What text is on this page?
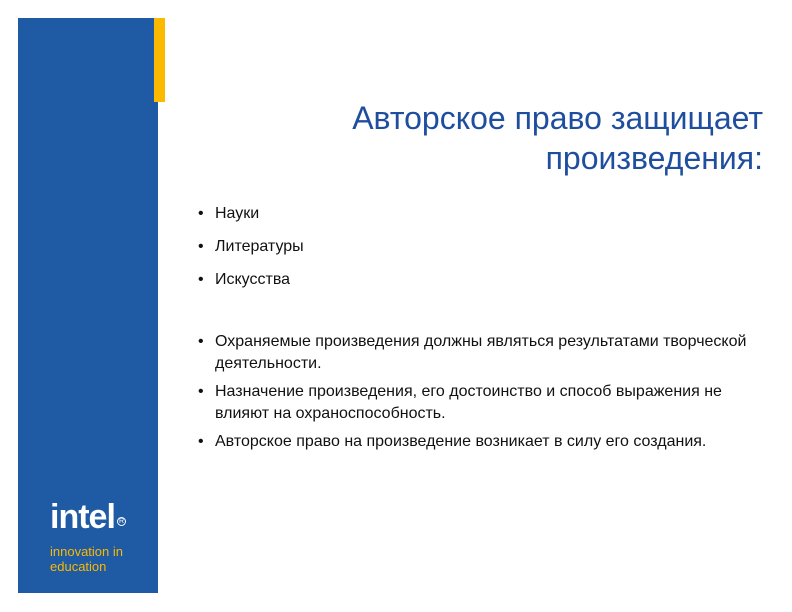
intel R
innovation in
education
Авторское право защищает
произведения:
• Науки
• Литературы
• Искусства
• Охраняемые произведения должны являться результатами творческой деятельности.
• Назначение произведения, его достоинство и способ выражения не влияют на охраноспособность.
• Авторское право на произведение возникает в силу его создания.
